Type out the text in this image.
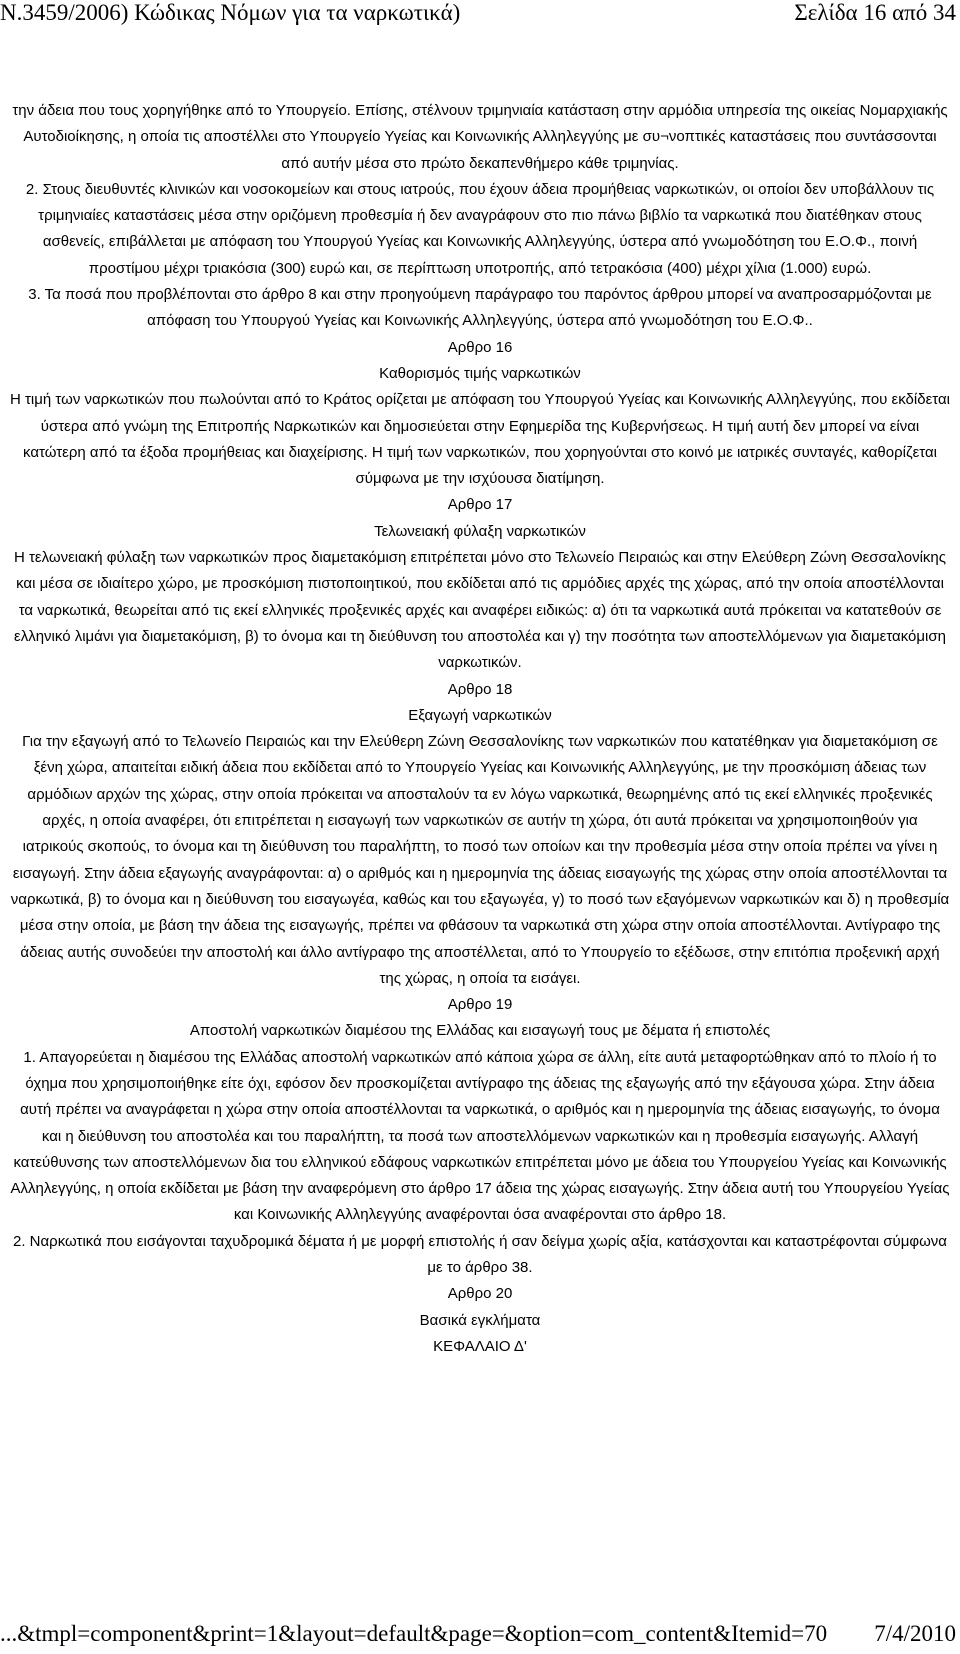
N.3459/2006) Κώδικας Νόμων για τα ναρκωτικά)	Σελίδα 16 από 34

την άδεια που τους χορηγήθηκε από το Υπουργείο. Επίσης, στέλνουν τριμηνιαία κατάσταση στην αρμόδια υπηρεσία της οικείας Νομαρχιακής Αυτοδιοίκησης, η οποία τις αποστέλλει στο Υπουργείο Υγείας και Κοινωνικής Αλληλεγγύης με συ¬νοπτικές καταστάσεις που συντάσσονται από αυτήν μέσα στο πρώτο δεκαπενθήμερο κάθε τριμηνίας.

2. Στους διευθυντές κλινικών και νοσοκομείων και στους ιατρούς, που έχουν άδεια προμήθειας ναρκωτικών, οι οποίοι δεν υποβάλλουν τις τριμηνιαίες καταστάσεις μέσα στην οριζόμενη προθεσμία ή δεν αναγράφουν στο πιο πάνω βιβλίο τα ναρκωτικά που διατέθηκαν στους ασθενείς, επιβάλλεται με απόφαση του Υπουργού Υγείας και Κοινωνικής Αλληλεγγύης, ύστερα από γνωμοδότηση του Ε.Ο.Φ., ποινή προστίμου μέχρι τριακόσια (300) ευρώ και, σε περίπτωση υποτροπής, από τετρακόσια (400) μέχρι χίλια (1.000) ευρώ.

3. Τα ποσά που προβλέπονται στο άρθρο 8 και στην προηγούμενη παράγραφο του παρόντος άρθρου μπορεί να αναπροσαρμόζονται με απόφαση του Υπουργού Υγείας και Κοινωνικής Αλληλεγγύης, ύστερα από γνωμοδότηση του Ε.Ο.Φ..

Αρθρο 16

Καθορισμός τιμής ναρκωτικών

Η τιμή των ναρκωτικών που πωλούνται από το Κράτος ορίζεται με απόφαση του Υπουργού Υγείας και Κοινωνικής Αλληλεγγύης, που εκδίδεται ύστερα από γνώμη της Επιτροπής Ναρκωτικών και δημοσιεύεται στην Εφημερίδα της Κυβερνήσεως. Η τιμή αυτή δεν μπορεί να είναι κατώτερη από τα έξοδα προμήθειας και διαχείρισης. Η τιμή των ναρκωτικών, που χορηγούνται στο κοινό με ιατρικές συνταγές, καθορίζεται σύμφωνα με την ισχύουσα διατίμηση.

Αρθρο 17

Τελωνειακή φύλαξη ναρκωτικών

Η τελωνειακή φύλαξη των ναρκωτικών προς διαμετακόμιση επιτρέπεται μόνο στο Τελωνείο Πειραιώς και στην Ελεύθερη Ζώνη Θεσσαλονίκης και μέσα σε ιδιαίτερο χώρο, με προσκόμιση πιστοποιητικού, που εκδίδεται από τις αρμόδιες αρχές της χώρας, από την οποία αποστέλλονται τα ναρκωτικά, θεωρείται από τις εκεί ελληνικές προξενικές αρχές και αναφέρει ειδικώς: α) ότι τα ναρκωτικά αυτά πρόκειται να κατατεθούν σε ελληνικό λιμάνι για διαμετακόμιση, β) το όνομα και τη διεύθυνση του αποστολέα και γ) την ποσότητα των αποστελλόμενων για διαμετακόμιση ναρκωτικών.

Αρθρο 18

Εξαγωγή ναρκωτικών

Για την εξαγωγή από το Τελωνείο Πειραιώς και την Ελεύθερη Ζώνη Θεσσαλονίκης των ναρκωτικών που κατατέθηκαν για διαμετακόμιση σε ξένη χώρα, απαιτείται ειδική άδεια που εκδίδεται από το Υπουργείο Υγείας και Κοινωνικής Αλληλεγγύης, με την προσκόμιση άδειας των αρμόδιων αρχών της χώρας, στην οποία πρόκειται να αποσταλούν τα εν λόγω ναρκωτικά, θεωρημένης από τις εκεί ελληνικές προξενικές αρχές, η οποία αναφέρει, ότι επιτρέπεται η εισαγωγή των ναρκωτικών σε αυτήν τη χώρα, ότι αυτά πρόκειται να χρησιμοποιηθούν για ιατρικούς σκοπούς, το όνομα και τη διεύθυνση του παραλήπτη, το ποσό των οποίων και την προθεσμία μέσα στην οποία πρέπει να γίνει η εισαγωγή. Στην άδεια εξαγωγής αναγράφονται: α) ο αριθμός και η ημερομηνία της άδειας εισαγωγής της χώρας στην οποία αποστέλλονται τα ναρκωτικά, β) το όνομα και η διεύθυνση του εισαγωγέα, καθώς και του εξαγωγέα, γ) το ποσό των εξαγόμενων ναρκωτικών και δ) η προθεσμία μέσα στην οποία, με βάση την άδεια της εισαγωγής, πρέπει να φθάσουν τα ναρκωτικά στη χώρα στην οποία αποστέλλονται. Αντίγραφο της άδειας αυτής συνοδεύει την αποστολή και άλλο αντίγραφο της αποστέλλεται, από το Υπουργείο το εξέδωσε, στην επιτόπια προξενική αρχή της χώρας, η οποία τα εισάγει.

Αρθρο 19

Αποστολή ναρκωτικών διαμέσου της Ελλάδας και εισαγωγή τους με δέματα ή επιστολές

1. Απαγορεύεται η διαμέσου της Ελλάδας αποστολή ναρκωτικών από κάποια χώρα σε άλλη, είτε αυτά μεταφορτώθηκαν από το πλοίο ή το όχημα που χρησιμοποιήθηκε είτε όχι, εφόσον δεν προσκομίζεται αντίγραφο της άδειας της εξαγωγής από την εξάγουσα χώρα. Στην άδεια αυτή πρέπει να αναγράφεται η χώρα στην οποία αποστέλλονται τα ναρκωτικά, ο αριθμός και η ημερομηνία της άδειας εισαγωγής, το όνομα και η διεύθυνση του αποστολέα και του παραλήπτη, τα ποσά των αποστελλόμενων ναρκωτικών και η προθεσμία εισαγωγής. Αλλαγή κατεύθυνσης των αποστελλόμενων δια του ελληνικού εδάφους ναρκωτικών επιτρέπεται μόνο με άδεια του Υπουργείου Υγείας και Κοινωνικής Αλληλεγγύης, η οποία εκδίδεται με βάση την αναφερόμενη στο άρθρο 17 άδεια της χώρας εισαγωγής. Στην άδεια αυτή του Υπουργείου Υγείας και Κοινωνικής Αλληλεγγύης αναφέρονται όσα αναφέρονται στο άρθρο 18.

2. Ναρκωτικά που εισάγονται ταχυδρομικά δέματα ή με μορφή επιστολής ή σαν δείγμα χωρίς αξία, κατάσχονται και καταστρέφονται σύμφωνα με το άρθρο 38.

Αρθρο 20

Βασικά εγκλήματα

ΚΕΦΑΛΑΙΟ Δ'

...&tmpl=component&print=1&layout=default&page=&option=com_content&Itemid=70 7/4/2010
